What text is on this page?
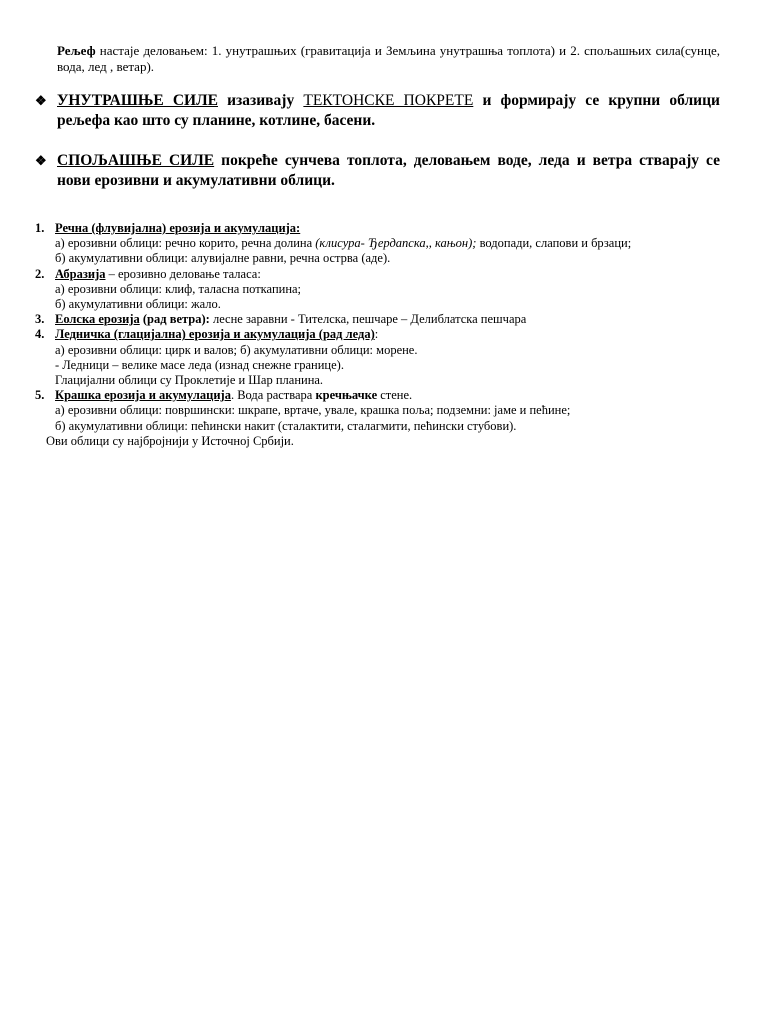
Рељеф настаје деловањем: 1. унутрашњих (гравитација и Земљина унутрашња топлота) и 2. спољашњих сила(сунце, вода, лед , ветар).

❖ УНУТРАШЊЕ СИЛЕ изазивају ТЕКТОНСКЕ ПОКРЕТЕ и формирају се крупни облици рељефа као што су планине, котлине, басени.
❖ СПОЉАШЊЕ СИЛЕ покреће сунчева топлота, деловањем воде, леда и ветра стварају се нови ерозивни и акумулативни облици.
1. Речна (флувијална) ерозија и акумулација:
а) ерозивни облици: речно корито, речна долина (клисура- Ђердапска,, кањон); водопади, слапови и брзаци;
б) акумулативни облици: алувијалне равни, речна острва (аде).
2. Абразија – ерозивно деловање таласа:
а) ерозивни облици: клиф, таласна поткапина;
б) акумулативни облици: жало.
3. Еолска ерозија (рад ветра): лесне заравни - Тителска, пешчаре – Делиблатска пешчара
4. Ледничка (глацијална) ерозија и акумулација (рад леда):
а) ерозивни облици: цирк и валов; б) акумулативни облици: морене.
- Ледници – велике масе леда (изнад снежне границе).
Глацијални облици су Проклетије и Шар планина.
5. Крашка ерозија и акумулација. Вода раствара кречњачке стене.
а) ерозивни облици: површински: шкрапе, вртаче, увале, крашка поља; подземни: јаме и пећине;
б) акумулативни облици: пећински накит (сталактити, сталагмити, пећински стубови).
Ови облици су најбројнији у Источној Србији.
